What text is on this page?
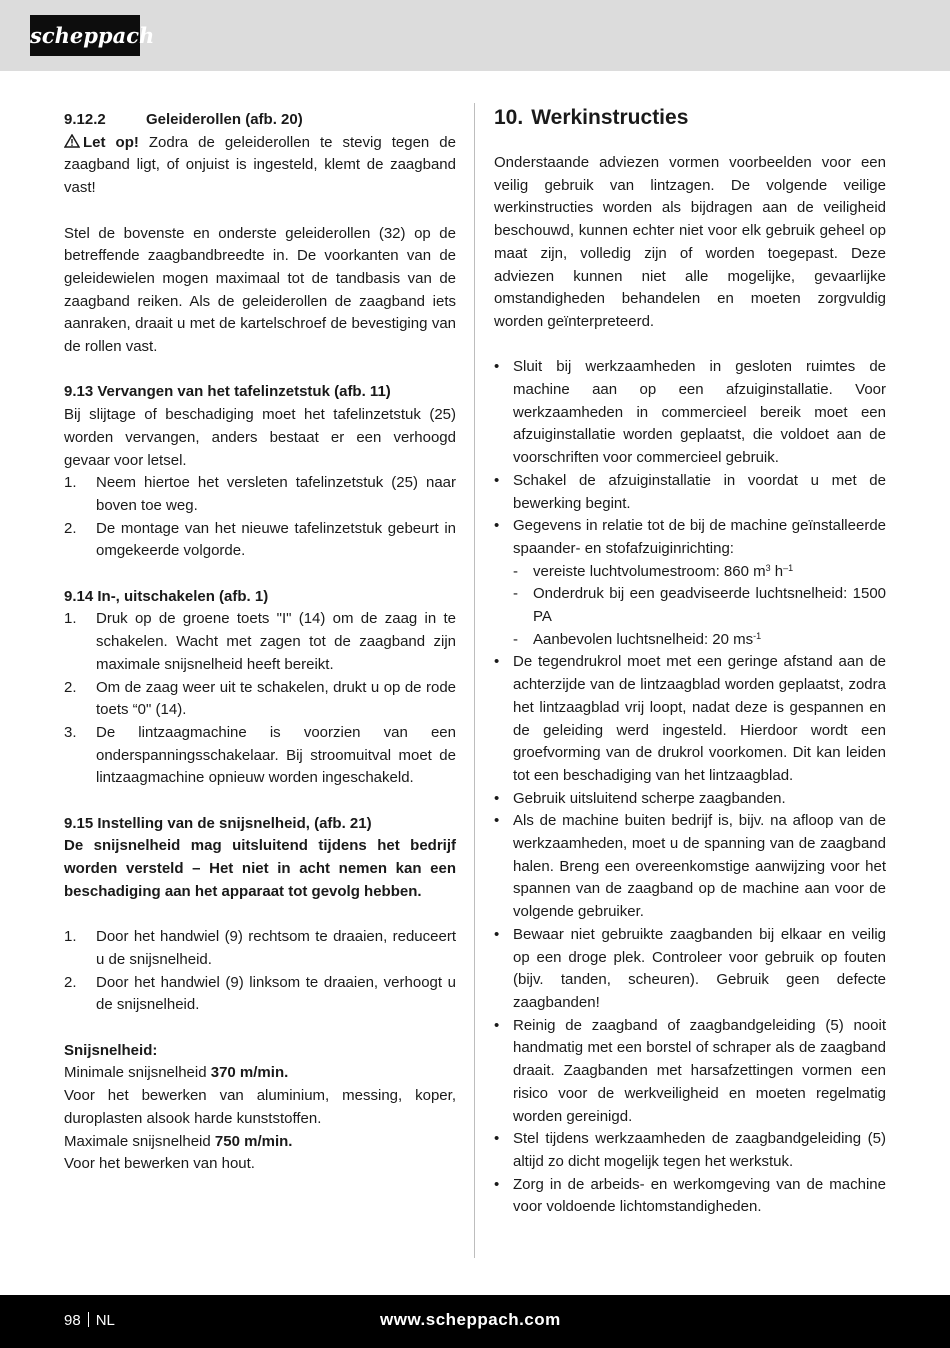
scheppach

9.12.2	Geleiderollen (afb. 20)

Let op! Zodra de geleiderollen te stevig tegen de zaagband ligt, of onjuist is ingesteld, klemt de zaagband vast!

Stel de bovenste en onderste geleiderollen (32) op de betreffende zaagbandbreedte in. De voorkanten van de geleidewielen mogen maximaal tot de tandbasis van de zaagband reiken. Als de geleiderollen de zaagband iets aanraken, draait u met de kartelschroef de bevestiging van de rollen vast.

9.13 Vervangen van het tafelinzetstuk (afb. 11)

Bij slijtage of beschadiging moet het tafelinzetstuk (25) worden vervangen, anders bestaat er een verhoogd gevaar voor letsel.

1. Neem hiertoe het versleten tafelinzetstuk (25) naar boven toe weg.
2. De montage van het nieuwe tafelinzetstuk gebeurt in omgekeerde volgorde.

9.14 In-, uitschakelen (afb. 1)

1. Druk op de groene toets "I" (14) om de zaag in te schakelen. Wacht met zagen tot de zaagband zijn maximale snijsnelheid heeft bereikt.
2. Om de zaag weer uit te schakelen, drukt u op de rode toets “0" (14).
3. De lintzaagmachine is voorzien van een onderspanningsschakelaar. Bij stroomuitval moet de lintzaagmachine opnieuw worden ingeschakeld.

9.15 Instelling van de snijsnelheid, (afb. 21)

De snijsnelheid mag uitsluitend tijdens het bedrijf worden versteld – Het niet in acht nemen kan een beschadiging aan het apparaat tot gevolg hebben.

1. Door het handwiel (9) rechtsom te draaien, reduceert u de snijsnelheid.
2. Door het handwiel (9) linksom te draaien, verhoogt u de snijsnelheid.

Snijsnelheid:

Minimale snijsnelheid 370 m/min.

Voor het bewerken van aluminium, messing, koper, duroplasten alsook harde kunststoffen.

Maximale snijsnelheid 750 m/min.

Voor het bewerken van hout.

10. Werkinstructies

Onderstaande adviezen vormen voorbeelden voor een veilig gebruik van lintzagen. De volgende veilige werkinstructies worden als bijdragen aan de veiligheid beschouwd, kunnen echter niet voor elk gebruik geheel op maat zijn, volledig zijn of worden toegepast. Deze adviezen kunnen niet alle mogelijke, gevaarlijke omstandigheden behandelen en moeten zorgvuldig worden geïnterpreteerd.

• Sluit bij werkzaamheden in gesloten ruimtes de machine aan op een afzuiginstallatie. Voor werkzaamheden in commercieel bereik moet een afzuiginstallatie worden geplaatst, die voldoet aan de voorschriften voor commercieel gebruik.
• Schakel de afzuiginstallatie in voordat u met de bewerking begint.
• Gegevens in relatie tot de bij de machine geïnstalleerde spaander- en stofafzuiginrichting:
- vereiste luchtvolumestroom: 860 $m^3$ $h^{-1}$
- Onderdruk bij een geadviseerde luchtsnelheid: 1500 PA
- Aanbevolen luchtsnelheid: 20 $ms^{-1}$
• De tegendrukrol moet met een geringe afstand aan de achterzijde van de lintzaagblad worden geplaatst, zodra het lintzaagblad vrij loopt, nadat deze is gespannen en de geleiding werd ingesteld. Hierdoor wordt een groefvorming van de drukrol voorkomen. Dit kan leiden tot een beschadiging van het lintzaagblad.
• Gebruik uitsluitend scherpe zaagbanden.
• Als de machine buiten bedrijf is, bijv. na afloop van de werkzaamheden, moet u de spanning van de zaagband halen. Breng een overeenkomstige aanwijzing voor het spannen van de zaagband op de machine aan voor de volgende gebruiker.
• Bewaar niet gebruikte zaagbanden bij elkaar en veilig op een droge plek. Controleer voor gebruik op fouten (bijv. tanden, scheuren). Gebruik geen defecte zaagbanden!
• Reinig de zaagband of zaagbandgeleiding (5) nooit handmatig met een borstel of schraper als de zaagband draait. Zaagbanden met harsafzettingen vormen een risico voor de werkveiligheid en moeten regelmatig worden gereinigd.
• Stel tijdens werkzaamheden de zaagbandgeleiding (5) altijd zo dicht mogelijk tegen het werkstuk.
• Zorg in de arbeids- en werkomgeving van de machine voor voldoende lichtomstandigheden.
98 NL	www.scheppach.com
